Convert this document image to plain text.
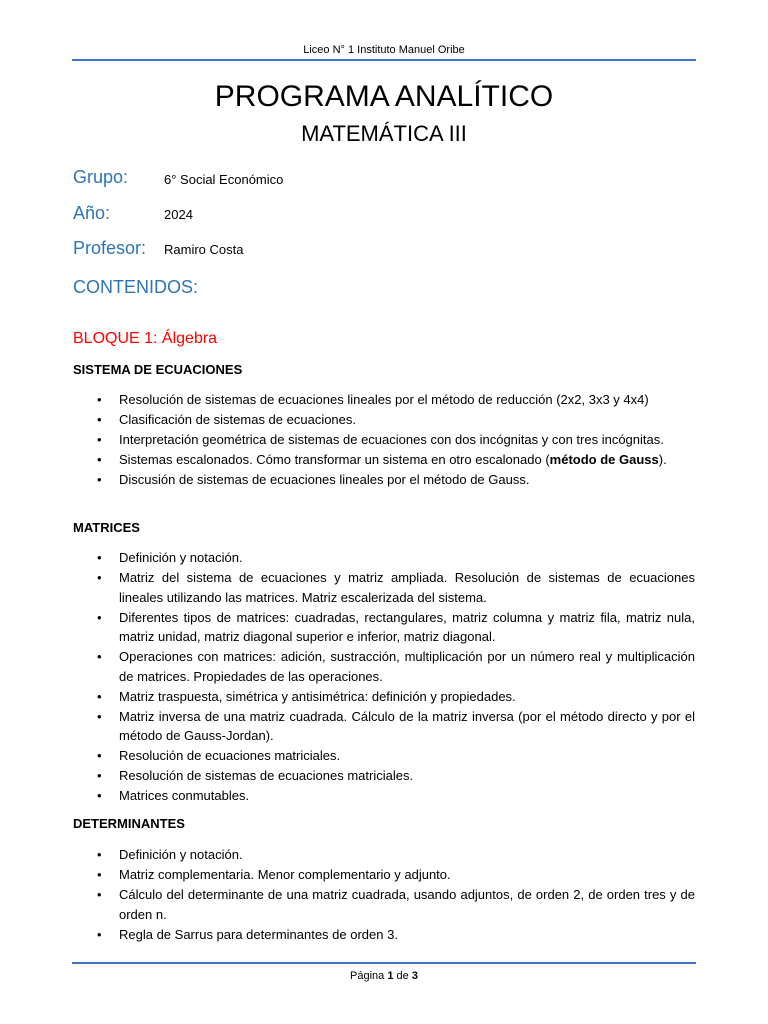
Liceo N° 1 Instituto Manuel Oribe
PROGRAMA ANALÍTICO
MATEMÁTICA III
Grupo:	6° Social Económico
Año:	2024
Profesor: Ramiro Costa
CONTENIDOS:
BLOQUE 1: Álgebra
SISTEMA DE ECUACIONES
• Resolución de sistemas de ecuaciones lineales por el método de reducción (2x2, 3x3 y 4x4)
• Clasificación de sistemas de ecuaciones.
• Interpretación geométrica de sistemas de ecuaciones con dos incógnitas y con tres incógnitas.
• Sistemas escalonados. Cómo transformar un sistema en otro escalonado (método de Gauss).
• Discusión de sistemas de ecuaciones lineales por el método de Gauss.
MATRICES
• Definición y notación.
• Matriz del sistema de ecuaciones y matriz ampliada. Resolución de sistemas de ecuaciones lineales utilizando las matrices. Matriz escalerizada del sistema.
• Diferentes tipos de matrices: cuadradas, rectangulares, matriz columna y matriz fila, matriz nula, matriz unidad, matriz diagonal superior e inferior, matriz diagonal.
• Operaciones con matrices: adición, sustracción, multiplicación por un número real y multiplicación de matrices. Propiedades de las operaciones.
• Matriz traspuesta, simétrica y antisimétrica: definición y propiedades.
• Matriz inversa de una matriz cuadrada. Cálculo de la matriz inversa (por el método directo y por el método de Gauss-Jordan).
• Resolución de ecuaciones matriciales.
• Resolución de sistemas de ecuaciones matriciales.
• Matrices conmutables.
DETERMINANTES
• Definición y notación.
• Matriz complementaria. Menor complementario y adjunto.
• Cálculo del determinante de una matriz cuadrada, usando adjuntos, de orden 2, de orden tres y de orden n.
• Regla de Sarrus para determinantes de orden 3.
Página 1 de 3
